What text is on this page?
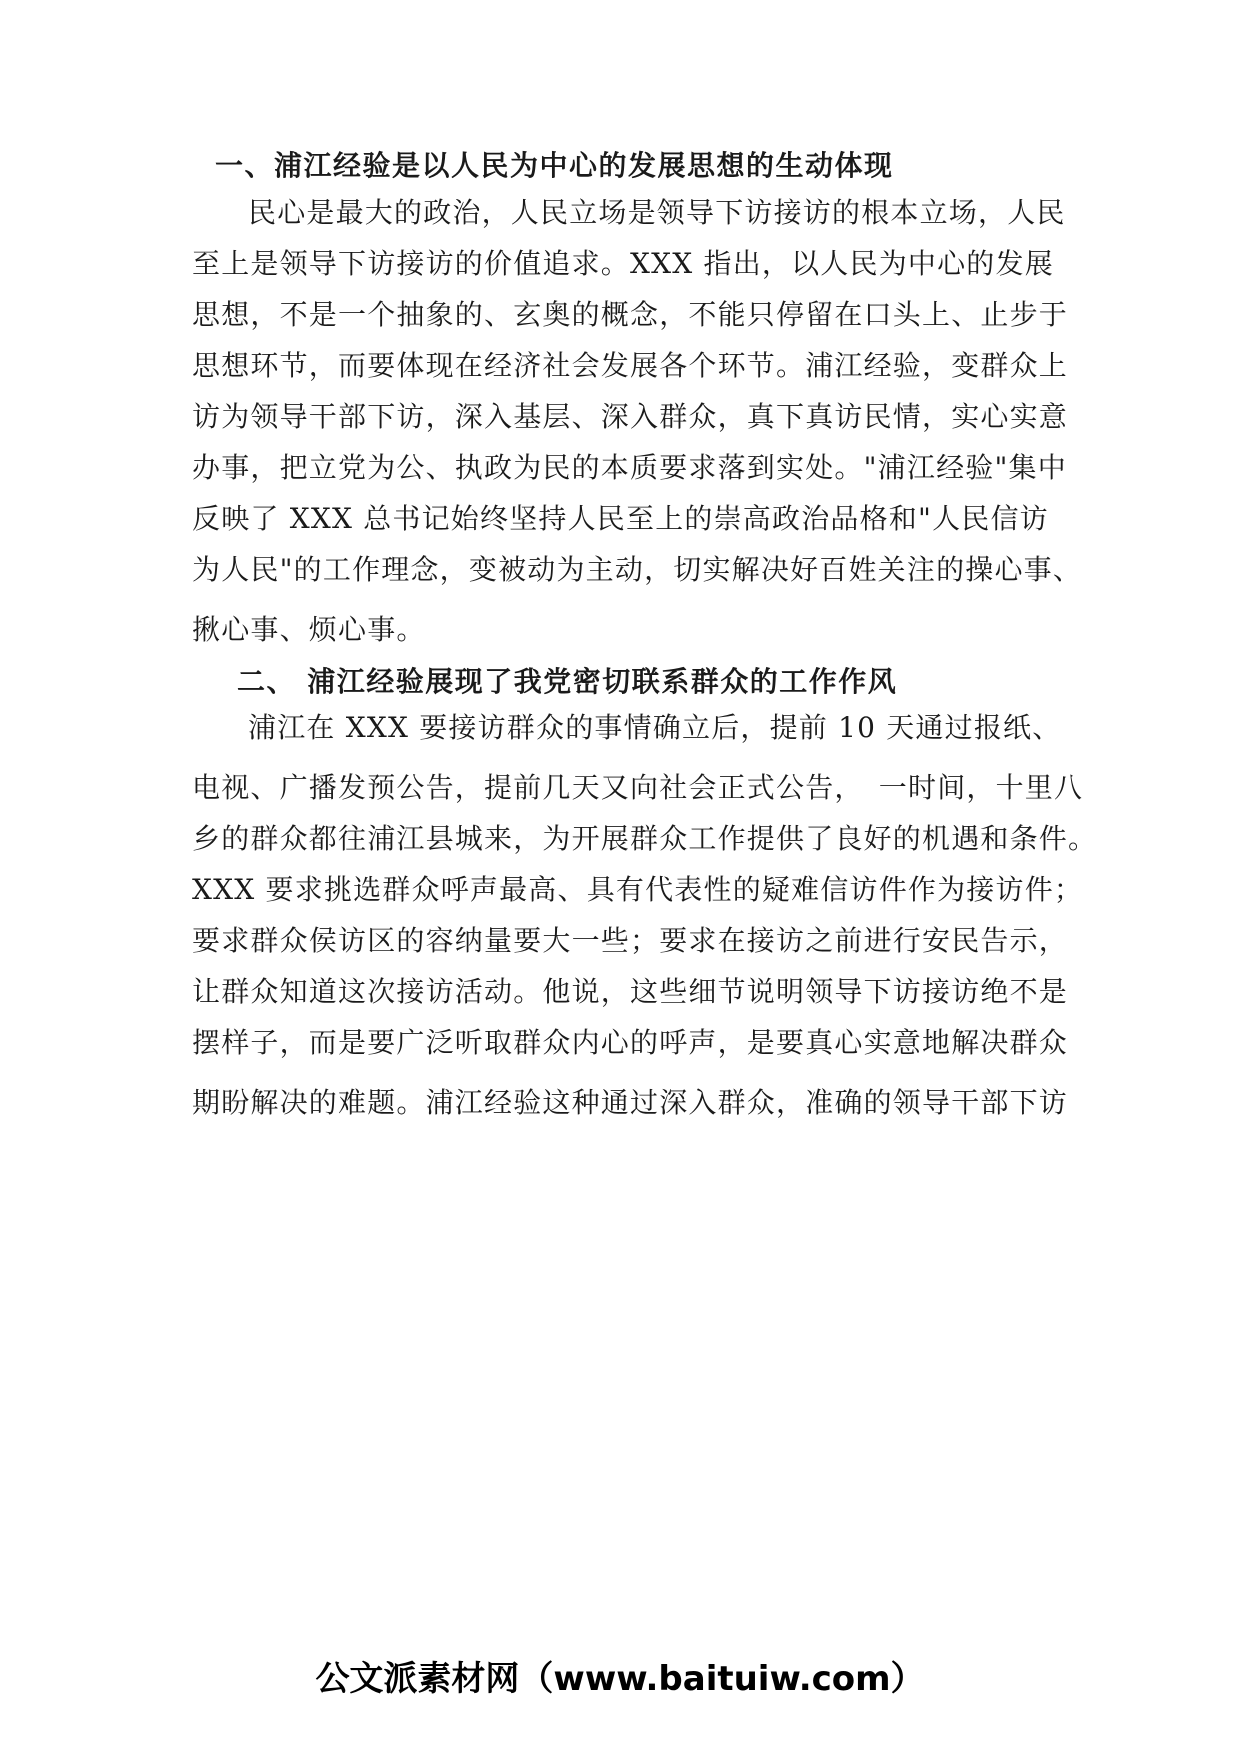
一、浦江经验是以人民为中心的发展思想的生动体现
民心是最大的政治，人民立场是领导下访接访的根本立场，人民
至上是领导下访接访的价值追求。XXX 指出，以人民为中心的发展
思想，不是一个抽象的、玄奥的概念，不能只停留在口头上、止步于
思想环节，而要体现在经济社会发展各个环节。浦江经验，变群众上
访为领导干部下访，深入基层、深入群众，真下真访民情，实心实意
办事，把立党为公、执政为民的本质要求落到实处。"浦江经验"集中
反映了 XXX 总书记始终坚持人民至上的崇高政治品格和"人民信访
为人民"的工作理念，变被动为主动，切实解决好百姓关注的操心事、
揪心事、烦心事。
二、 浦江经验展现了我党密切联系群众的工作作风
浦江在 XXX 要接访群众的事情确立后，提前 10 天通过报纸、
电视、广播发预公告，提前几天又向社会正式公告，　一时间，十里八
乡的群众都往浦江县城来，为开展群众工作提供了良好的机遇和条件。
XXX 要求挑选群众呼声最高、具有代表性的疑难信访件作为接访件；
要求群众侯访区的容纳量要大一些；要求在接访之前进行安民告示，
让群众知道这次接访活动。他说，这些细节说明领导下访接访绝不是
摆样子，而是要广泛听取群众内心的呼声，是要真心实意地解决群众
期盼解决的难题。浦江经验这种通过深入群众，准确的领导干部下访
公文派素材网（www.baituiw.com）
